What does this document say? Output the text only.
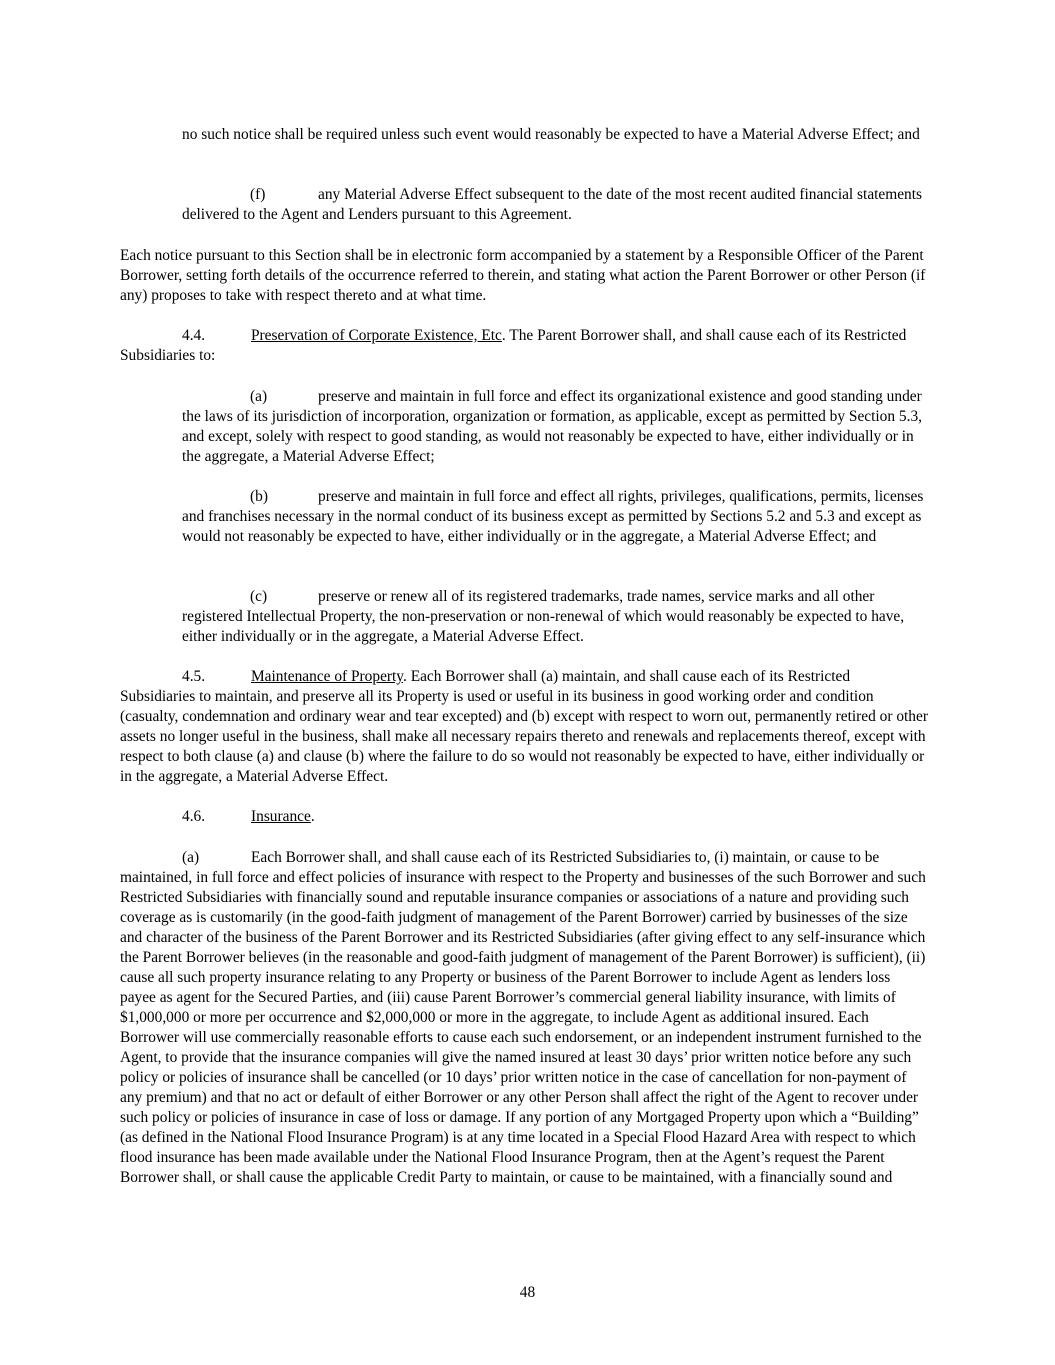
no such notice shall be required unless such event would reasonably be expected to have a Material Adverse Effect; and

(f)	any Material Adverse Effect subsequent to the date of the most recent audited financial statements delivered to the Agent and Lenders pursuant to this Agreement.

Each notice pursuant to this Section shall be in electronic form accompanied by a statement by a Responsible Officer of the Parent Borrower, setting forth details of the occurrence referred to therein, and stating what action the Parent Borrower or other Person (if any) proposes to take with respect thereto and at what time.

4.4.	Preservation of Corporate Existence, Etc. The Parent Borrower shall, and shall cause each of its Restricted Subsidiaries to:

(a)	preserve and maintain in full force and effect its organizational existence and good standing under the laws of its jurisdiction of incorporation, organization or formation, as applicable, except as permitted by Section 5.3, and except, solely with respect to good standing, as would not reasonably be expected to have, either individually or in the aggregate, a Material Adverse Effect;

(b)	preserve and maintain in full force and effect all rights, privileges, qualifications, permits, licenses and franchises necessary in the normal conduct of its business except as permitted by Sections 5.2 and 5.3 and except as would not reasonably be expected to have, either individually or in the aggregate, a Material Adverse Effect; and

(c)	preserve or renew all of its registered trademarks, trade names, service marks and all other registered Intellectual Property, the non-preservation or non-renewal of which would reasonably be expected to have, either individually or in the aggregate, a Material Adverse Effect.

4.5.	Maintenance of Property. Each Borrower shall (a) maintain, and shall cause each of its Restricted Subsidiaries to maintain, and preserve all its Property is used or useful in its business in good working order and condition (casualty, condemnation and ordinary wear and tear excepted) and (b) except with respect to worn out, permanently retired or other assets no longer useful in the business, shall make all necessary repairs thereto and renewals and replacements thereof, except with respect to both clause (a) and clause (b) where the failure to do so would not reasonably be expected to have, either individually or in the aggregate, a Material Adverse Effect.

4.6.	Insurance.

(a)	Each Borrower shall, and shall cause each of its Restricted Subsidiaries to, (i) maintain, or cause to be maintained, in full force and effect policies of insurance with respect to the Property and businesses of the such Borrower and such Restricted Subsidiaries with financially sound and reputable insurance companies or associations of a nature and providing such coverage as is customarily (in the good-faith judgment of management of the Parent Borrower) carried by businesses of the size and character of the business of the Parent Borrower and its Restricted Subsidiaries (after giving effect to any self-insurance which the Parent Borrower believes (in the reasonable and good-faith judgment of management of the Parent Borrower) is sufficient), (ii) cause all such property insurance relating to any Property or business of the Parent Borrower to include Agent as lenders loss payee as agent for the Secured Parties, and (iii) cause Parent Borrower’s commercial general liability insurance, with limits of $1,000,000 or more per occurrence and $2,000,000 or more in the aggregate, to include Agent as additional insured. Each Borrower will use commercially reasonable efforts to cause each such endorsement, or an independent instrument furnished to the Agent, to provide that the insurance companies will give the named insured at least 30 days’ prior written notice before any such policy or policies of insurance shall be cancelled (or 10 days’ prior written notice in the case of cancellation for non-payment of any premium) and that no act or default of either Borrower or any other Person shall affect the right of the Agent to recover under such policy or policies of insurance in case of loss or damage. If any portion of any Mortgaged Property upon which a “Building” (as defined in the National Flood Insurance Program) is at any time located in a Special Flood Hazard Area with respect to which flood insurance has been made available under the National Flood Insurance Program, then at the Agent’s request the Parent Borrower shall, or shall cause the applicable Credit Party to maintain, or cause to be maintained, with a financially sound and

48
